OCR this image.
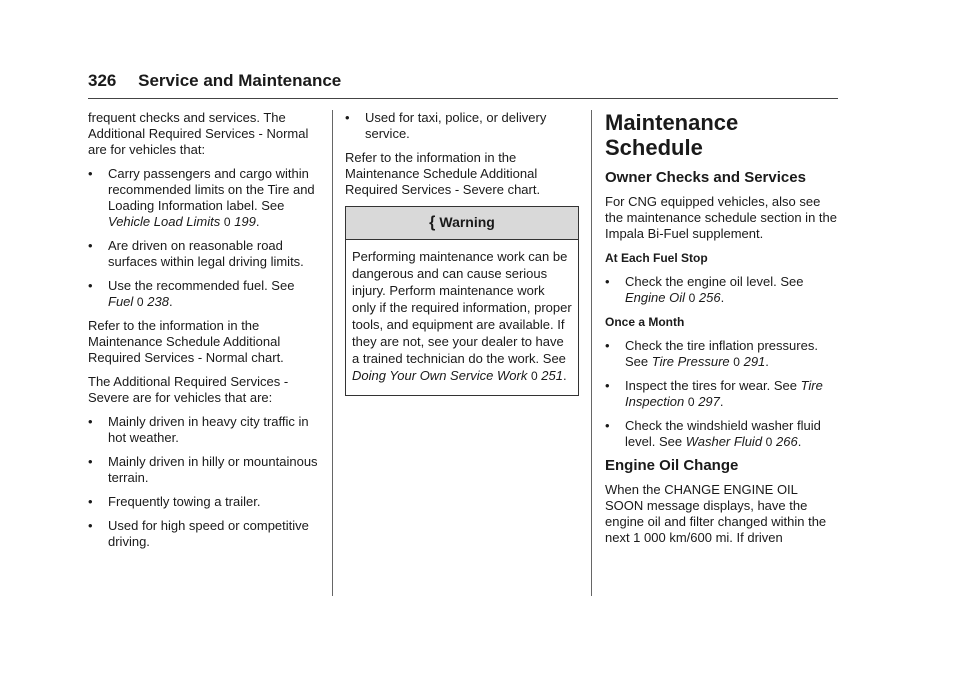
326 Service and Maintenance

frequent checks and services. The Additional Required Services - Normal are for vehicles that:

• Carry passengers and cargo within recommended limits on the Tire and Loading Information label. See Vehicle Load Limits 0 199.
• Are driven on reasonable road surfaces within legal driving limits.
• Use the recommended fuel. See Fuel 0 238.

Refer to the information in the Maintenance Schedule Additional Required Services - Normal chart.

The Additional Required Services - Severe are for vehicles that are:

• Mainly driven in heavy city traffic in hot weather.
• Mainly driven in hilly or mountainous terrain.
• Frequently towing a trailer.
• Used for high speed or competitive driving.
• Used for taxi, police, or delivery service.

Refer to the information in the Maintenance Schedule Additional Required Services - Severe chart.

{ Warning
Performing maintenance work can be dangerous and can cause serious injury. Perform maintenance work only if the required information, proper tools, and equipment are available. If they are not, see your dealer to have a trained technician do the work. See Doing Your Own Service Work 0 251.
Maintenance Schedule
Owner Checks and Services

For CNG equipped vehicles, also see the maintenance schedule section in the Impala Bi-Fuel supplement.

At Each Fuel Stop
• Check the engine oil level. See Engine Oil 0 256.
Once a Month
• Check the tire inflation pressures. See Tire Pressure 0 291.
• Inspect the tires for wear. See Tire Inspection 0 297.
• Check the windshield washer fluid level. See Washer Fluid 0 266.
Engine Oil Change

When the CHANGE ENGINE OIL SOON message displays, have the engine oil and filter changed within the next 1 000 km/600 mi. If driven
